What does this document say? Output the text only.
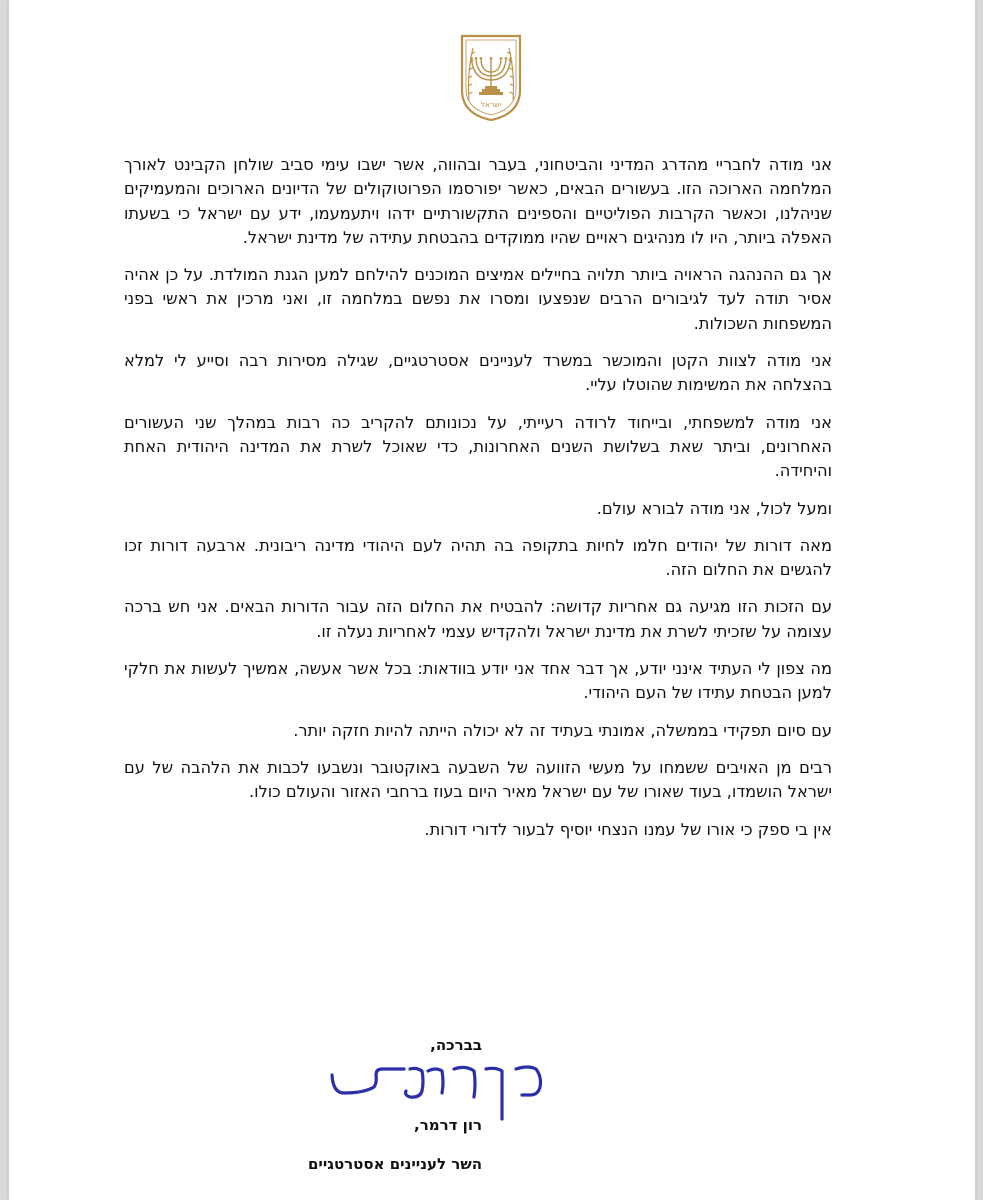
ישראל

אני מודה לחבריי מהדרג המדיני והביטחוני, בעבר ובהווה, אשר ישבו עימי סביב שולחן הקבינט לאורך המלחמה הארוכה הזו. בעשורים הבאים, כאשר יפורסמו הפרוטוקולים של הדיונים הארוכים והמעמיקים שניהלנו, וכאשר הקרבות הפוליטיים והספינים התקשורתיים ידהו ויתעמעמו, ידע עם ישראל כי בשעתו האפלה ביותר, היו לו מנהיגים ראויים שהיו ממוקדים בהבטחת עתידה של מדינת ישראל.

אך גם ההנהגה הראויה ביותר תלויה בחיילים אמיצים המוכנים להילחם למען הגנת המולדת. על כן אהיה אסיר תודה לעד לגיבורים הרבים שנפצעו ומסרו את נפשם במלחמה זו, ואני מרכין את ראשי בפני המשפחות השכולות.

אני מודה לצוות הקטן והמוכשר במשרד לעניינים אסטרטגיים, שגילה מסירות רבה וסייע לי למלא בהצלחה את המשימות שהוטלו עליי.

אני מודה למשפחתי, ובייחוד לרודה רעייתי, על נכונותם להקריב כה רבות במהלך שני העשורים האחרונים, וביתר שאת בשלושת השנים האחרונות, כדי שאוכל לשרת את המדינה היהודית האחת והיחידה.

ומעל לכול, אני מודה לבורא עולם.

מאה דורות של יהודים חלמו לחיות בתקופה בה תהיה לעם היהודי מדינה ריבונית. ארבעה דורות זכו להגשים את החלום הזה.

עם הזכות הזו מגיעה גם אחריות קדושה: להבטיח את החלום הזה עבור הדורות הבאים. אני חש ברכה עצומה על שזכיתי לשרת את מדינת ישראל ולהקדיש עצמי לאחריות נעלה זו.

מה צפון לי העתיד אינני יודע, אך דבר אחד אני יודע בוודאות: בכל אשר אעשה, אמשיך לעשות את חלקי למען הבטחת עתידו של העם היהודי.

עם סיום תפקידי בממשלה, אמונתי בעתיד זה לא יכולה הייתה להיות חזקה יותר.

רבים מן האויבים ששמחו על מעשי הזוועה של השבעה באוקטובר ונשבעו לכבות את הלהבה של עם ישראל הושמדו, בעוד שאורו של עם ישראל מאיר היום בעוז ברחבי האזור והעולם כולו.

אין בי ספק כי אורו של עמנו הנצחי יוסיף לבעור לדורי דורות.

בברכה,
רון דרמר,
השר לעניינים אסטרטגיים
